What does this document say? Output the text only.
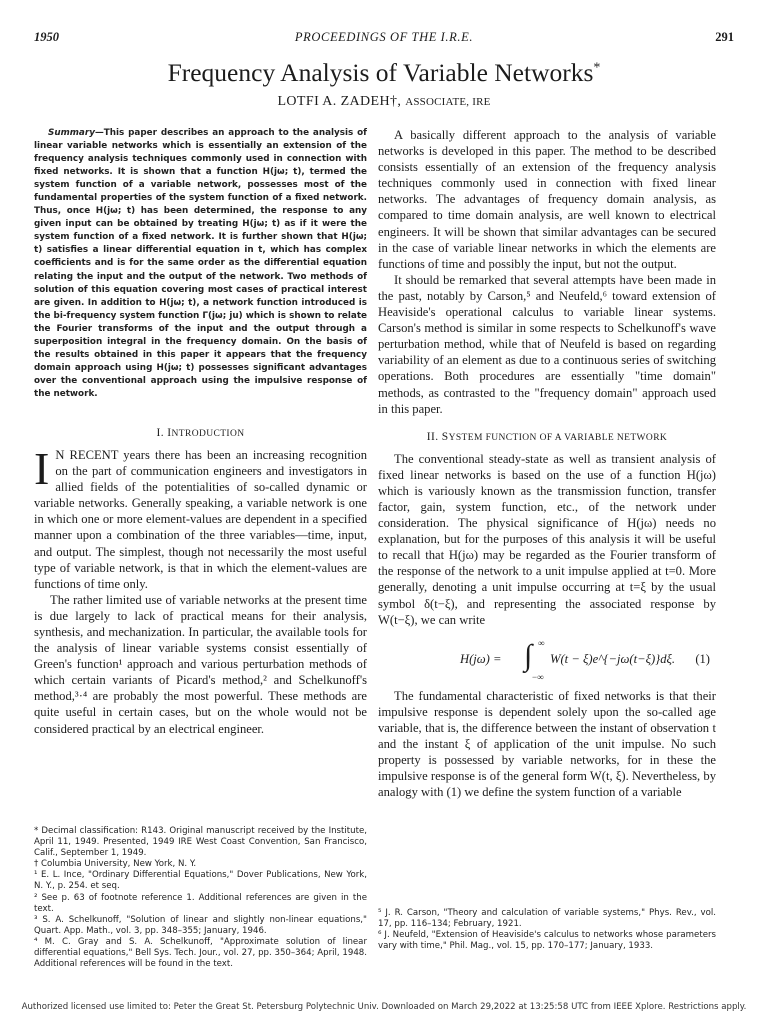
1950	PROCEEDINGS OF THE I.R.E.	291
Frequency Analysis of Variable Networks*
LOTFI A. ZADEH†, ASSOCIATE, IRE

Summary—This paper describes an approach to the analysis of linear variable networks which is essentially an extension of the frequency analysis techniques commonly used in connection with fixed networks. It is shown that a function H(jω; t), termed the system function of a variable network, possesses most of the fundamental properties of the system function of a fixed network. Thus, once H(jω; t) has been determined, the response to any given input can be obtained by treating H(jω; t) as if it were the system function of a fixed network. It is further shown that H(jω; t) satisfies a linear differential equation in t, which has complex coefficients and is for the same order as the differential equation relating the input and the output of the network. Two methods of solution of this equation covering most cases of practical interest are given. In addition to H(jω; t), a network function introduced is the bi-frequency system function Γ(jω; ju) which is shown to relate the Fourier transforms of the input and the output through a superposition integral in the frequency domain. On the basis of the results obtained in this paper it appears that the frequency domain approach using H(jω; t) possesses significant advantages over the conventional approach using the impulsive response of the network.

I. INTRODUCTION

I N RECENT years there has been an increasing recognition on the part of communication engineers and investigators in allied fields of the potentialities of so-called dynamic or variable networks. Generally speaking, a variable network is one in which one or more element-values are dependent in a specified manner upon a combination of the three variables—time, input, and output. The simplest, though not necessarily the most useful type of variable network, is that in which the element-values are functions of time only.

The rather limited use of variable networks at the present time is due largely to lack of practical means for their analysis, synthesis, and mechanization. In particular, the available tools for the analysis of linear variable systems consist essentially of Green's function¹ approach and various perturbation methods of which certain variants of Picard's method,² and Schelkunoff's method,³·⁴ are probably the most powerful. These methods are quite useful in certain cases, but on the whole would not be considered practical by an electrical engineer.

* Decimal classification: R143. Original manuscript received by the Institute, April 11, 1949. Presented, 1949 IRE West Coast Convention, San Francisco, Calif., September 1, 1949.

† Columbia University, New York, N. Y.

¹ E. L. Ince, "Ordinary Differential Equations," Dover Publications, New York, N. Y., p. 254. et seq.

² See p. 63 of footnote reference 1. Additional references are given in the text.

³ S. A. Schelkunoff, "Solution of linear and slightly non-linear equations," Quart. App. Math., vol. 3, pp. 348–355; January, 1946.

⁴ M. C. Gray and S. A. Schelkunoff, "Approximate solution of linear differential equations," Bell Sys. Tech. Jour., vol. 27, pp. 350–364; April, 1948. Additional references will be found in the text.

A basically different approach to the analysis of variable networks is developed in this paper. The method to be described consists essentially of an extension of the frequency analysis techniques commonly used in connection with fixed linear networks. The advantages of frequency domain analysis, as compared to time domain analysis, are well known to electrical engineers. It will be shown that similar advantages can be secured in the case of variable linear networks in which the elements are functions of time and possibly the input, but not the output.

It should be remarked that several attempts have been made in the past, notably by Carson,⁵ and Neufeld,⁶ toward extension of Heaviside's operational calculus to variable linear systems. Carson's method is similar in some respects to Schelkunoff's wave perturbation method, while that of Neufeld is based on regarding variability of an element as due to a continuous series of switching operations. Both procedures are essentially "time domain" methods, as contrasted to the "frequency domain" approach used in this paper.

II. SYSTEM FUNCTION OF A VARIABLE NETWORK

The conventional steady-state as well as transient analysis of fixed linear networks is based on the use of a function H(jω) which is variously known as the transmission function, transfer factor, gain, system function, etc., of the network under consideration. The physical significance of H(jω) needs no explanation, but for the purposes of this analysis it will be useful to recall that H(jω) may be regarded as the Fourier transform of the response of the network to a unit impulse applied at t=0. More generally, denoting a unit impulse occurring at t=ξ by the usual symbol δ(t−ξ), and representing the associated response by W(t−ξ), we can write

H(jω) = ∫ ∞
−∞
W(t − ξ)e^{−jω(t−ξ)}dξ. (1)

The fundamental characteristic of fixed networks is that their impulsive response is dependent solely upon the so-called age variable, that is, the difference between the instant of observation t and the instant ξ of application of the unit impulse. No such property is possessed by variable networks, for in these the impulsive response is of the general form W(t, ξ). Nevertheless, by analogy with (1) we define the system function of a variable

⁵ J. R. Carson, "Theory and calculation of variable systems," Phys. Rev., vol. 17, pp. 116–134; February, 1921.

⁶ J. Neufeld, "Extension of Heaviside's calculus to networks whose parameters vary with time," Phil. Mag., vol. 15, pp. 170–177; January, 1933.

Authorized licensed use limited to: Peter the Great St. Petersburg Polytechnic Univ. Downloaded on March 29,2022 at 13:25:58 UTC from IEEE Xplore. Restrictions apply.
